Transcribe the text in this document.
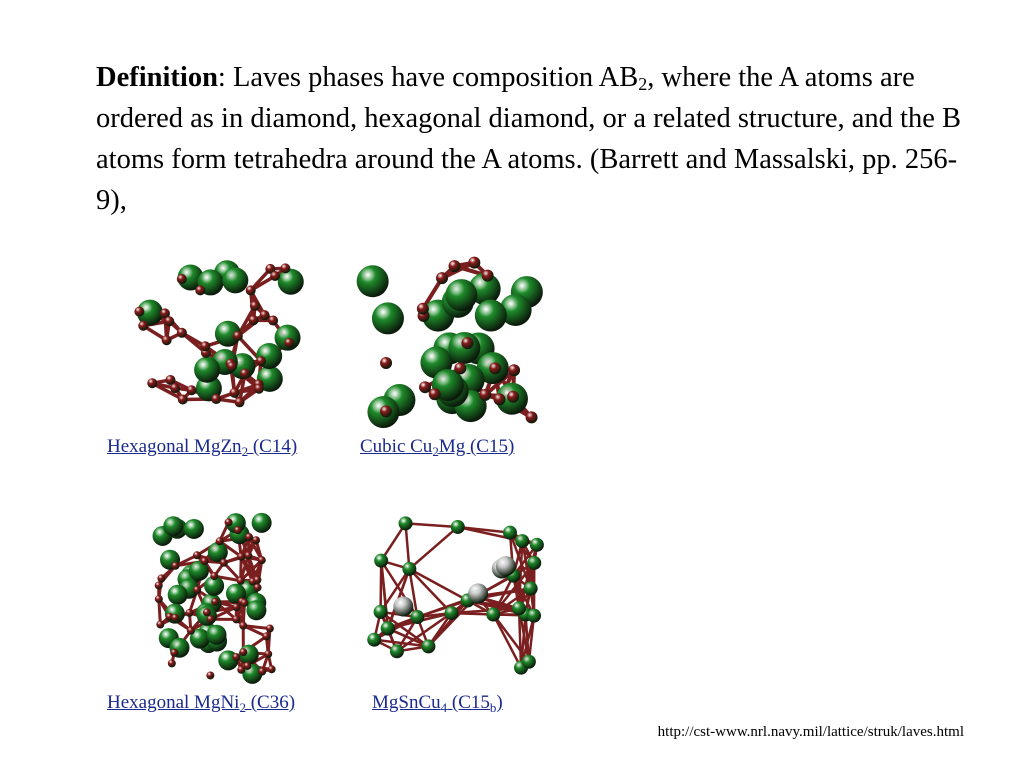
Definition: Laves phases have composition $AB_2$, where the A atoms are ordered as in diamond, hexagonal diamond, or a related structure, and the B atoms form tetrahedra around the A atoms. (Barrett and Massalski, pp. 256-9),
Hexagonal MgZn$_2$ (C14)	Cubic $Cu_2Mg$ (C15)
Hexagonal MgNi$_2$ (C36)	MgSnCu$_4$ $(C15_b)$
http://cst-www.nrl.navy.mil/lattice/struk/laves.html
